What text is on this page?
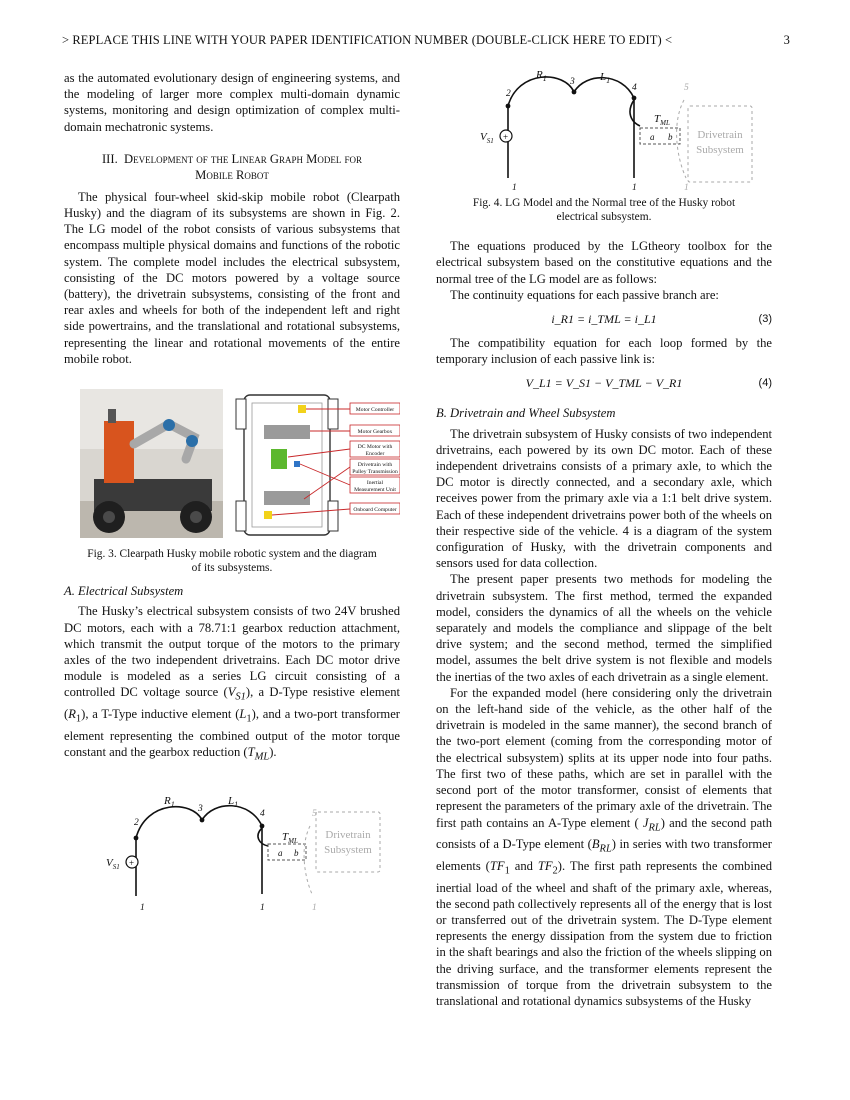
> REPLACE THIS LINE WITH YOUR PAPER IDENTIFICATION NUMBER (DOUBLE-CLICK HERE TO EDIT) <	3

as the automated evolutionary design of engineering systems, and the modeling of larger more complex multi-domain dynamic systems, monitoring and design optimization of complex multi-domain mechatronic systems.

III. Development of the Linear Graph Model for
Mobile Robot

The physical four-wheel skid-skip mobile robot (Clearpath Husky) and the diagram of its subsystems are shown in Fig. 2. The LG model of the robot consists of various subsystems that encompass multiple physical domains and functions of the robotic system. The complete model includes the electrical subsystem, consisting of the DC motors powered by a voltage source (battery), the drivetrain subsystems, consisting of the front and rear axles and wheels for both of the independent left and right side powertrains, and the translational and rotational subsystems, representing the linear and rotational movements of the entire mobile robot.

Motor Controller
Motor Gearbox
DC Motor with
Encoder
Drivetrain with
Pulley Transmission
Inertial
Measurement Unit
Onboard Computer
Fig. 3. Clearpath Husky mobile robotic system and the diagram
of its subsystems.
A. Electrical Subsystem

The Husky’s electrical subsystem consists of two 24V brushed DC motors, each with a 78.71:1 gearbox reduction attachment, which transmit the output torque of the motors to the primary axles of the two independent drivetrains. Each DC motor drive module is modeled as a series LG circuit consisting of a controlled DC voltage source $(V_{S1})$, a D-Type resistive element $(R_1)$, a T-Type inductive element $(L_1)$, and a two-port transformer element representing the combined output of the motor torque constant and the gearbox reduction $(T_{ML})$.

+
2
3	4	5
$R_1$	$L_1$
$T_{ML}$
$V_{S1}$
a b
1	1	1
Drivetrain
Subsystem
+
2
3
4	5
$R_1$	$L_1$
$T_{ML}$
$V_{S1}$	a b
1	1	1
Drivetrain
Subsystem
Fig. 4. LG Model and the Normal tree of the Husky robot
electrical subsystem.

The equations produced by the LGtheory toolbox for the electrical subsystem based on the constitutive equations and the normal tree of the LG model are as follows:

The continuity equations for each passive branch are:

i_R1 = i_TML = i_L1	(3)

The compatibility equation for each loop formed by the temporary inclusion of each passive link is:

V_L1 = V_S1 − V_TML − V_R1	(4)
B. Drivetrain and Wheel Subsystem

The drivetrain subsystem of Husky consists of two independent drivetrains, each powered by its own DC motor. Each of these independent drivetrains consists of a primary axle, to which the DC motor is directly connected, and a secondary axle, which receives power from the primary axle via a 1:1 belt drive system. Each of these independent drivetrains power both of the wheels on their respective side of the vehicle. 4 is a diagram of the system configuration of Husky, with the drivetrain components and sensors used for data collection.

The present paper presents two methods for modeling the drivetrain subsystem. The first method, termed the expanded model, considers the dynamics of all the wheels on the vehicle separately and models the compliance and slippage of the belt drive system; and the second method, termed the simplified model, assumes the belt drive system is not flexible and models the inertias of the two axles of each drivetrain as a single element.

For the expanded model (here considering only the drivetrain on the left-hand side of the vehicle, as the other half of the drivetrain is modeled in the same manner), the second branch of the two-port element (coming from the corresponding motor of the electrical subsystem) splits at its upper node into four paths. The first two of these paths, which are set in parallel with the second port of the motor transformer, consist of elements that represent the parameters of the primary axle of the drivetrain. The first path contains an A-Type element ( $J_{RL}$) and the second path consists of a D-Type element $(B_{RL})$ in series with two transformer elements ($TF_1$ and $TF_2$). The first path represents the combined inertial load of the wheel and shaft of the primary axle, whereas, the second path collectively represents all of the energy that is lost or transferred out of the drivetrain system. The D-Type element represents the energy dissipation from the system due to friction in the shaft bearings and also the friction of the wheels slipping on the driving surface, and the transformer elements represent the transmission of torque from the drivetrain subsystem to the translational and rotational dynamics subsystems of the Husky
